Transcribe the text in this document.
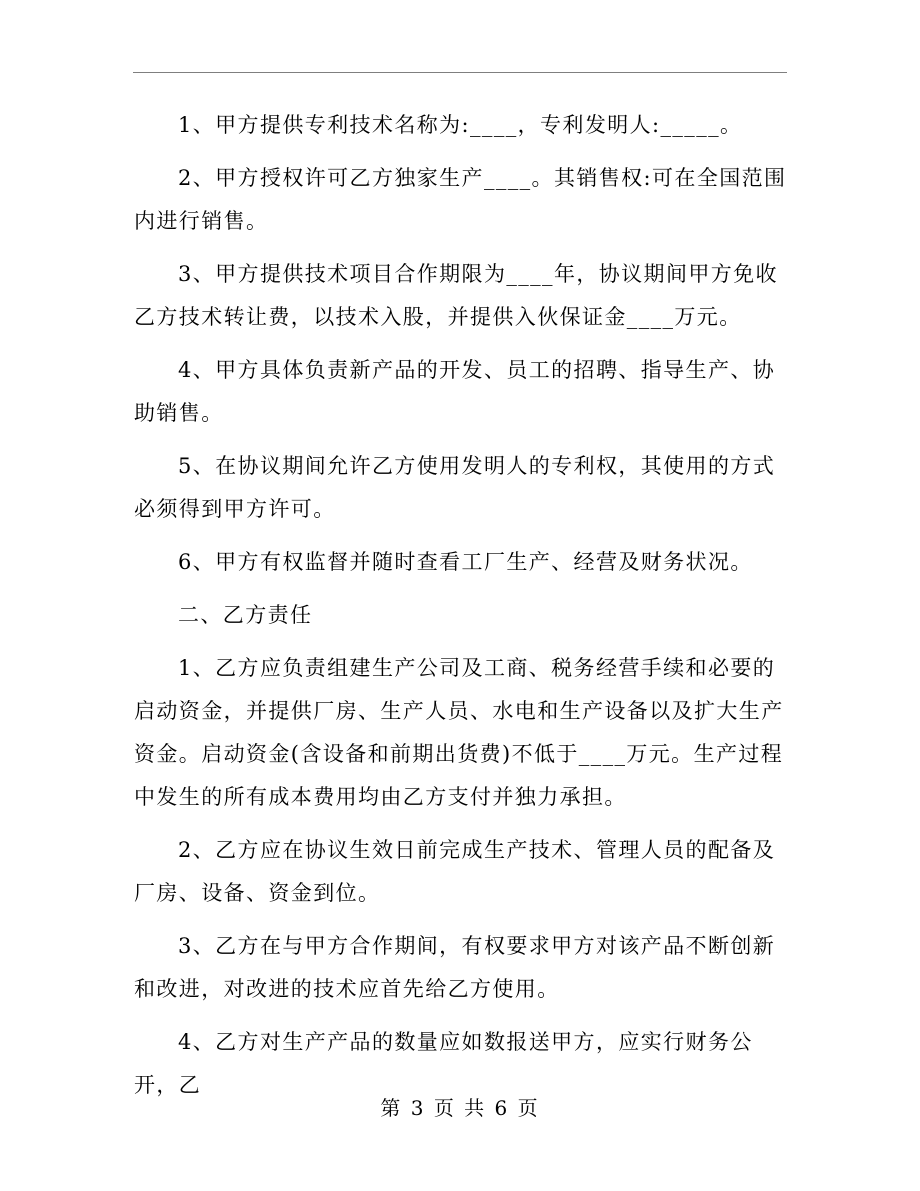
1、甲方提供专利技术名称为:____，专利发明人:_____。

2、甲方授权许可乙方独家生产____。其销售权:可在全国范围内进行销售。

3、甲方提供技术项目合作期限为____年，协议期间甲方免收乙方技术转让费，以技术入股，并提供入伙保证金____万元。

4、甲方具体负责新产品的开发、员工的招聘、指导生产、协助销售。

5、在协议期间允许乙方使用发明人的专利权，其使用的方式必须得到甲方许可。

6、甲方有权监督并随时查看工厂生产、经营及财务状况。

二、乙方责任

1、乙方应负责组建生产公司及工商、税务经营手续和必要的启动资金，并提供厂房、生产人员、水电和生产设备以及扩大生产资金。启动资金(含设备和前期出货费)不低于____万元。生产过程中发生的所有成本费用均由乙方支付并独力承担。

2、乙方应在协议生效日前完成生产技术、管理人员的配备及厂房、设备、资金到位。

3、乙方在与甲方合作期间，有权要求甲方对该产品不断创新和改进，对改进的技术应首先给乙方使用。

4、乙方对生产产品的数量应如数报送甲方，应实行财务公开，乙

第 3 页 共 6 页
